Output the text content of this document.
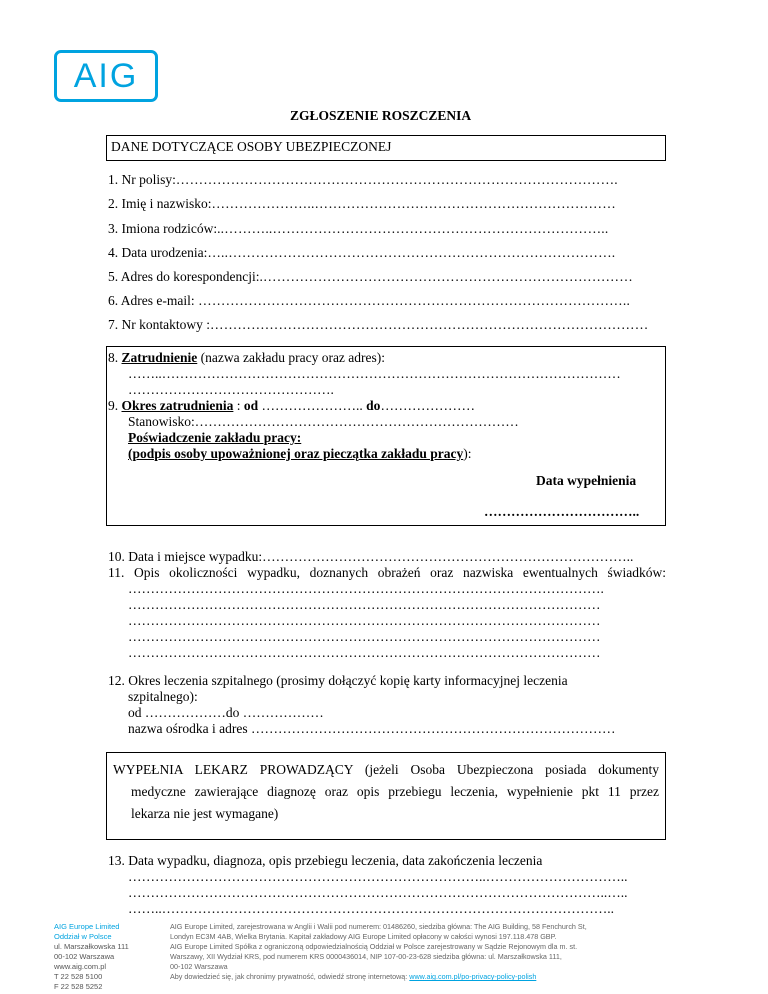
AIG
ZGŁOSZENIE ROSZCZENIA
DANE DOTYCZĄCE OSOBY UBEZPIECZONEJ
1. Nr polisy:…………………………………………………………………………………….
2. Imię i nazwisko:…………………..…………………………………………………………
3. Imiona rodziców:..………..………………………………………………………………..
4. Data urodzenia:…..………………………………………………………………………….
5. Adres do korespondencji:.………………………………………………………………………
6. Adres e-mail: …………………………………………………………………………………..
7. Nr kontaktowy :……………………………………………………………………………………
8. Zatrudnienie (nazwa zakładu pracy oraz adres):
……..…………………………………………………………………………………………
……………………………………….
9. Okres zatrudnienia : od ………………….. do…………………
Stanowisko:………………………………………………………………
Poświadczenie zakładu pracy:
(podpis osoby upoważnionej oraz pieczątka zakładu pracy):
Data wypełnienia
……………………………..
10. Data i miejsce wypadku:………………………………………………………………………..
11. Opis okoliczności wypadku, doznanych obrażeń oraz nazwiska ewentualnych świadków:
…………………………………………………………………………………………….
……………………………………………………………………………………………
……………………………………………………………………………………………
……………………………………………………………………………………………
……………………………………………………………………………………………
12. Okres leczenia szpitalnego (prosimy dołączyć kopię karty informacyjnej leczenia
szpitalnego):
od ………………do ………………
nazwa ośrodka i adres ………………………………………………………………………
WYPEŁNIA LEKARZ PROWADZĄCY (jeżeli Osoba Ubezpieczona posiada dokumenty
medyczne zawierające diagnozę oraz opis przebiegu leczenia, wypełnienie pkt 11 przez
lekarza nie jest wymagane)
13. Data wypadku, diagnoza, opis przebiegu leczenia, data zakończenia leczenia
……………………………………………………………………..…………………………..
……………………………………………………………………………………………..…..
……..………………………………………………………………………………………..
AIG Europe Limited
Oddział w Polsce
ul. Marszałkowska 111
00-102 Warszawa
www.aig.com.pl
T 22 528 5100
F 22 528 5252
AIG Europe Limited, zarejestrowana w Anglii i Walii pod numerem: 01486260, siedziba główna: The AIG Building, 58 Fenchurch St,
Londyn EC3M 4AB, Wielka Brytania. Kapitał zakładowy AIG Europe Limited opłacony w całości wynosi 197.118.478 GBP.
AIG Europe Limited Spółka z ograniczoną odpowiedzialnością Oddział w Polsce zarejestrowany w Sądzie Rejonowym dla m. st.
Warszawy, XII Wydział KRS, pod numerem KRS 0000436014, NIP 107-00-23-628 siedziba główna: ul. Marszałkowska 111,
00-102 Warszawa
Aby dowiedzieć się, jak chronimy prywatność, odwiedź stronę internetową: www.aig.com.pl/po-privacy-policy-polish
